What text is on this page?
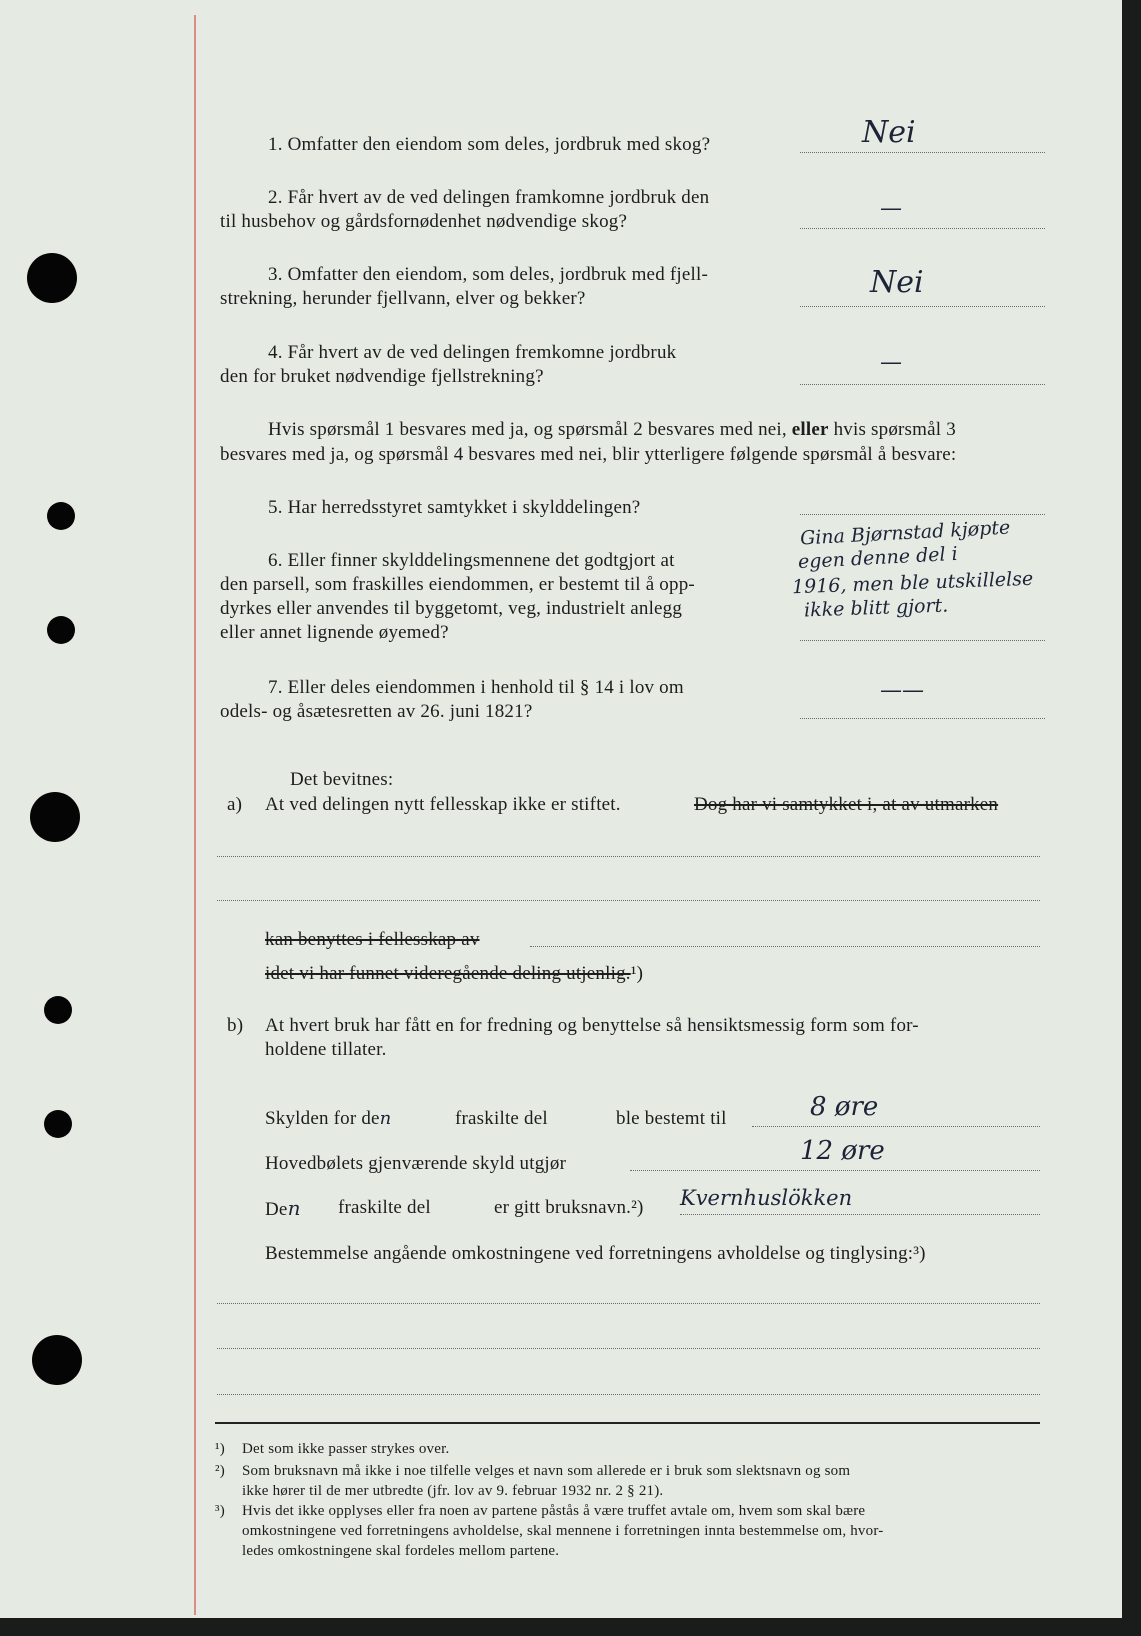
1. Omfatter den eiendom som deles, jordbruk med skog?	Nei
2. Får hvert av de ved delingen framkomne jordbruk den
til husbehov og gårdsfornødenhet nødvendige skog?
—
3. Omfatter den eiendom, som deles, jordbruk med fjell-
strekning, herunder fjellvann, elver og bekker?	Nei
4. Får hvert av de ved delingen fremkomne jordbruk
den for bruket nødvendige fjellstrekning?
—
Hvis spørsmål 1 besvares med ja, og spørsmål 2 besvares med nei, eller hvis spørsmål 3
besvares med ja, og spørsmål 4 besvares med nei, blir ytterligere følgende spørsmål å besvare:
5. Har herredsstyret samtykket i skylddelingen?
6. Eller finner skylddelingsmennene det godtgjort at
den parsell, som fraskilles eiendommen, er bestemt til å opp-
dyrkes eller anvendes til byggetomt, veg, industrielt anlegg
eller annet lignende øyemed?
Gina Bjørnstad kjøpte
egen denne del i
1916, men ble utskillelse
ikke blitt gjort.
7. Eller deles eiendommen i henhold til § 14 i lov om
odels- og åsætesretten av 26. juni 1821?
——
Det bevitnes:
a) At ved delingen nytt fellesskap ikke er stiftet.	Dog har vi samtykket i, at av utmarken
kan benyttes i fellesskap av
idet vi har funnet videregående deling utjenlig.¹)
b) At hvert bruk har fått en for fredning og benyttelse så hensiktsmessig form som for-
holdene tillater.
Skylden for den	fraskilte del	ble bestemt til	8 øre
Hovedbølets gjenværende skyld utgjør	12 øre
Den fraskilte del	er gitt bruksnavn.²) Kvernhuslökken
Bestemmelse angående omkostningene ved forretningens avholdelse og tinglysing:³)
¹) Det som ikke passer strykes over.
²) Som bruksnavn må ikke i noe tilfelle velges et navn som allerede er i bruk som slektsnavn og som
ikke hører til de mer utbredte (jfr. lov av 9. februar 1932 nr. 2 § 21).
³) Hvis det ikke opplyses eller fra noen av partene påstås å være truffet avtale om, hvem som skal bære
omkostningene ved forretningens avholdelse, skal mennene i forretningen innta bestemmelse om, hvor-
ledes omkostningene skal fordeles mellom partene.
